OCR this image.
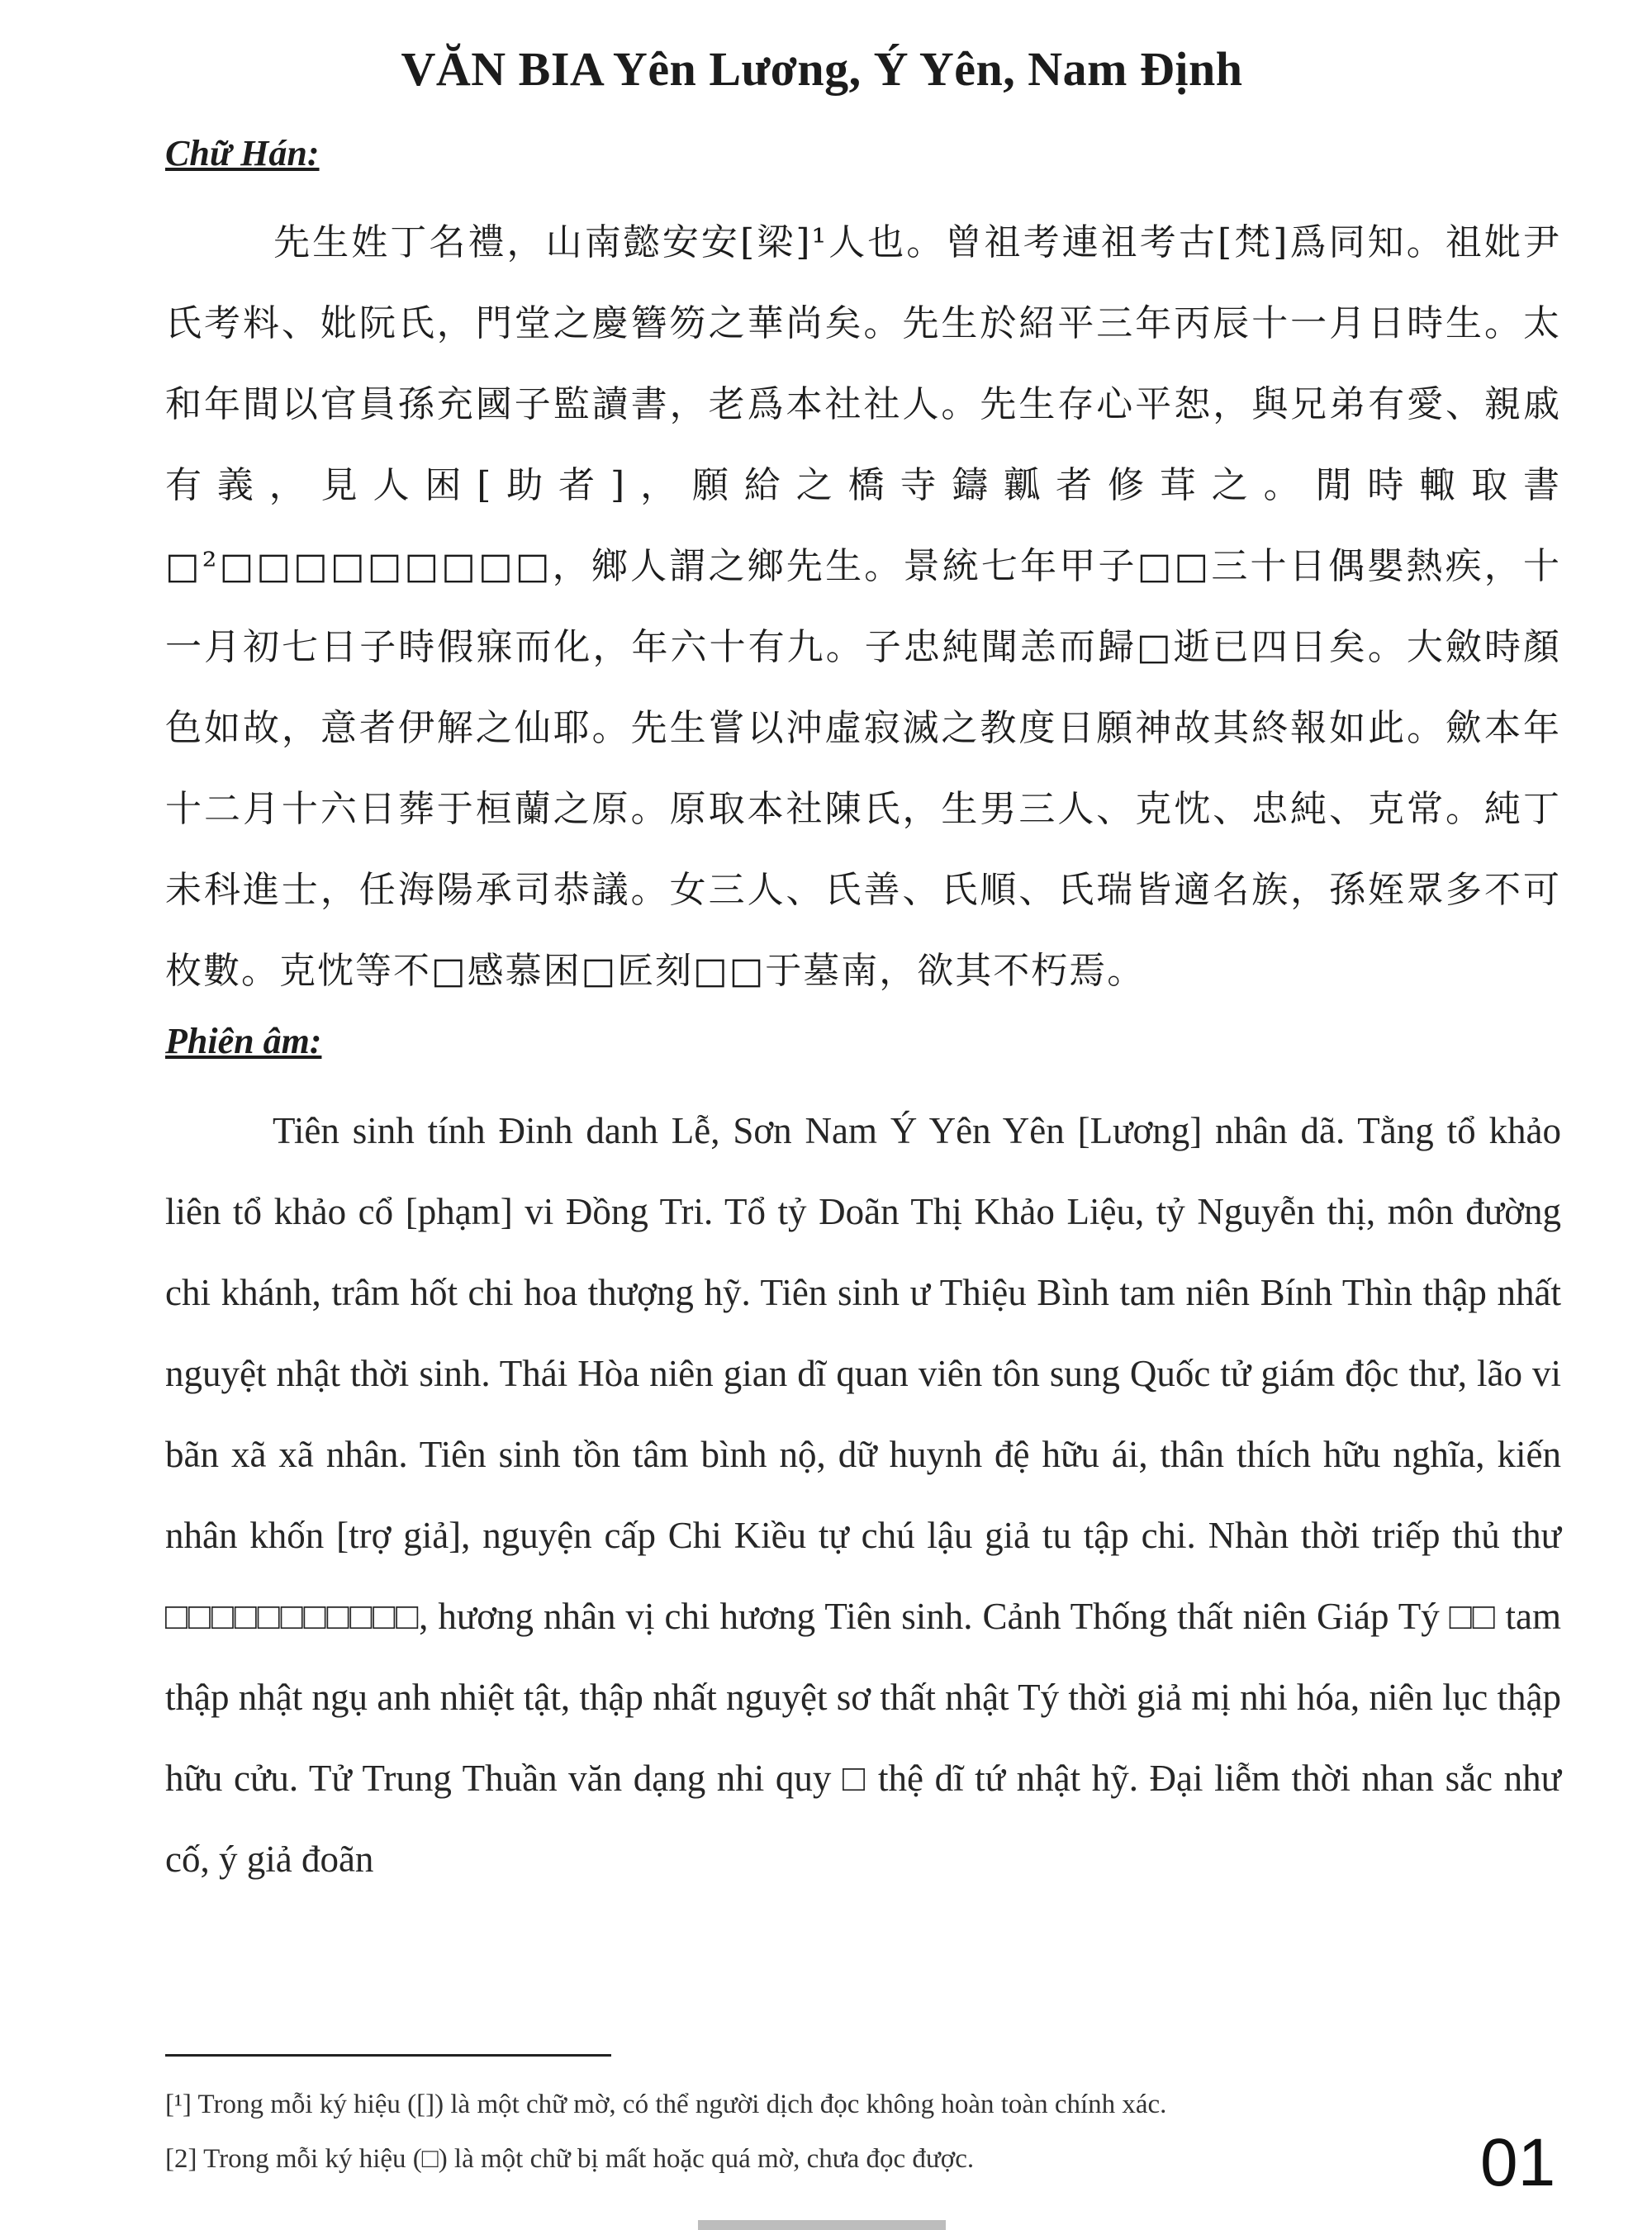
VĂN BIA Yên Lương, Ý Yên, Nam Định
Chữ Hán:
先生姓丁名禮，山南懿安安[梁]¹人也。曾祖考連祖考古[梵]爲同知。祖妣尹氏考料、妣阮氏，門堂之慶簪笏之華尚矣。先生於紹平三年丙辰十一月日時生。太和年間以官員孫充國子監讀書，老爲本社社人。先生存心平恕，與兄弟有愛、親戚有義，見人困[助者]，願給之橋寺鑄瓤者修茸之。閒時輙取書□²□□□□□□□□□，鄉人謂之鄉先生。景統七年甲子□□三十日偶嬰熱疾，十一月初七日子時假寐而化，年六十有九。子忠純聞恙而歸□逝已四日矣。大斂時顏色如故，意者伊解之仙耶。先生嘗以沖虛寂滅之教度日願神故其終報如此。歛本年十二月十六日葬于桓蘭之原。原取本社陳氏，生男三人、克忱、忠純、克常。純丁未科進士，任海陽承司恭議。女三人、氏善、氏順、氏瑞皆適名族，孫姪眾多不可枚數。克忱等不□感慕困□匠刻□□于墓南，欲其不朽焉。
Phiên âm:
Tiên sinh tính Đinh danh Lễ, Sơn Nam Ý Yên Yên [Lương] nhân dã. Tằng tổ khảo liên tổ khảo cổ [phạm] vi Đồng Tri. Tổ tỷ Doãn Thị Khảo Liệu, tỷ Nguyễn thị, môn đường chi khánh, trâm hốt chi hoa thượng hỹ. Tiên sinh ư Thiệu Bình tam niên Bính Thìn thập nhất nguyệt nhật thời sinh. Thái Hòa niên gian dĩ quan viên tôn sung Quốc tử giám độc thư, lão vi bãn xã xã nhân. Tiên sinh tồn tâm bình nộ, dữ huynh đệ hữu ái, thân thích hữu nghĩa, kiến nhân khốn [trợ giả], nguyện cấp Chi Kiều tự chú lậu giả tu tập chi. Nhàn thời triếp thủ thư □□□□□□□□□□□, hương nhân vị chi hương Tiên sinh. Cảnh Thống thất niên Giáp Tý □□ tam thập nhật ngụ anh nhiệt tật, thập nhất nguyệt sơ thất nhật Tý thời giả mị nhi hóa, niên lục thập hữu cửu. Tử Trung Thuần văn dạng nhi quy □ thệ dĩ tứ nhật hỹ. Đại liễm thời nhan sắc như cố, ý giả đoãn
[¹] Trong mỗi ký hiệu ([]) là một chữ mờ, có thể người dịch đọc không hoàn toàn chính xác.
[2] Trong mỗi ký hiệu (□) là một chữ bị mất hoặc quá mờ, chưa đọc được.	01
